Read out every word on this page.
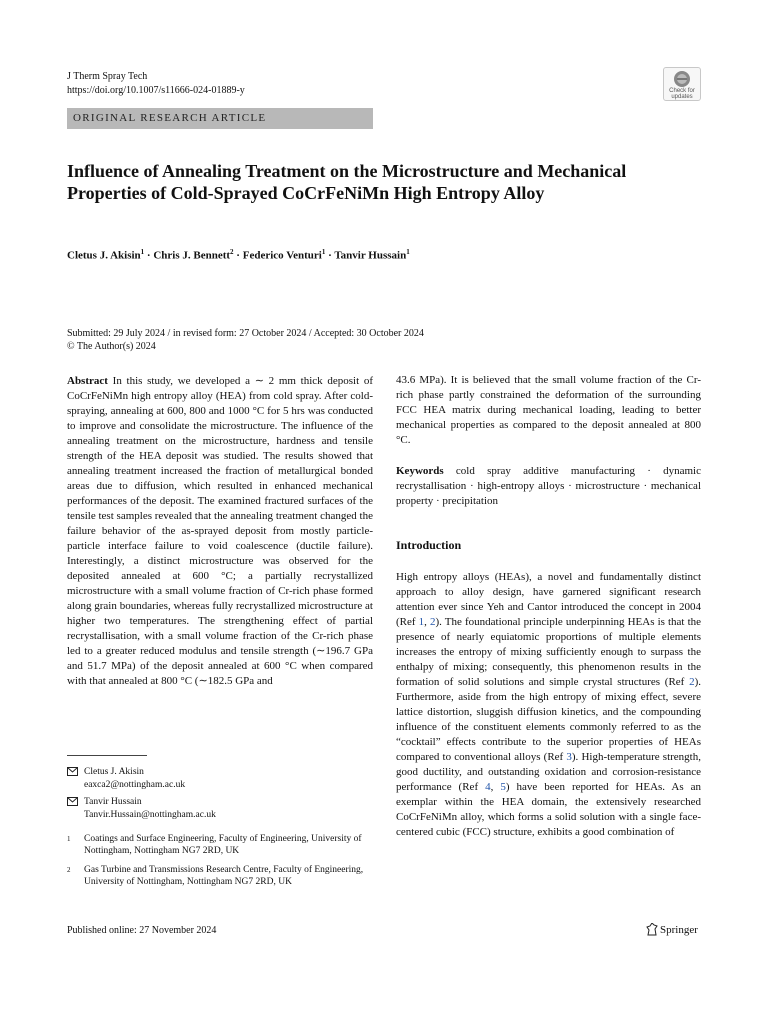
J Therm Spray Tech
https://doi.org/10.1007/s11666-024-01889-y	Check for
updates
ORIGINAL RESEARCH ARTICLE
Influence of Annealing Treatment on the Microstructure and Mechanical Properties of Cold-Sprayed CoCrFeNiMn High Entropy Alloy
Cletus J. Akisin$^1$ · Chris J. Bennett$^2$ · Federico Venturi$^1$ · Tanvir Hussain$^1$
Submitted: 29 July 2024 / in revised form: 27 October 2024 / Accepted: 30 October 2024
© The Author(s) 2024

Abstract In this study, we developed a ∼ 2 mm thick deposit of CoCrFeNiMn high entropy alloy (HEA) from cold spray. After cold-spraying, annealing at 600, 800 and 1000 °C for 5 hrs was conducted to improve and consolidate the microstructure. The influence of the annealing treatment on the microstructure, hardness and tensile strength of the HEA deposit was studied. The results showed that annealing treatment increased the fraction of metallurgical bonded areas due to diffusion, which resulted in enhanced mechanical performances of the deposit. The examined fractured surfaces of the tensile test samples revealed that the annealing treatment changed the failure behavior of the as-sprayed deposit from mostly particle-particle interface failure to void coalescence (ductile failure). Interestingly, a distinct microstructure was observed for the deposited annealed at 600 °C; a partially recrystallized microstructure with a small volume fraction of Cr-rich phase formed along grain boundaries, whereas fully recrystallized microstructure at higher two temperatures. The strengthening effect of partial recrystallisation, with a small volume fraction of the Cr-rich phase led to a greater reduced modulus and tensile strength (∼196.7 GPa and 51.7 MPa) of the deposit annealed at 600 °C when compared with that annealed at 800 °C (∼182.5 GPa and

43.6 MPa). It is believed that the small volume fraction of the Cr-rich phase partly constrained the deformation of the surrounding FCC HEA matrix during mechanical loading, leading to better mechanical properties as compared to the deposit annealed at 800 °C.

Keywords cold spray additive manufacturing · dynamic recrystallisation · high-entropy alloys · microstructure · mechanical property · precipitation

Introduction

High entropy alloys (HEAs), a novel and fundamentally distinct approach to alloy design, have garnered significant research attention ever since Yeh and Cantor introduced the concept in 2004 (Ref 1, 2). The foundational principle underpinning HEAs is that the presence of nearly equiatomic proportions of multiple elements increases the entropy of mixing sufficiently enough to surpass the enthalpy of mixing; consequently, this phenomenon results in the formation of solid solutions and simple crystal structures (Ref 2). Furthermore, aside from the high entropy of mixing effect, severe lattice distortion, sluggish diffusion kinetics, and the compounding influence of the constituent elements commonly referred to as the “cocktail” effects contribute to the superior properties of HEAs compared to conventional alloys (Ref 3). High-temperature strength, good ductility, and outstanding oxidation and corrosion-resistance performance (Ref 4, 5) have been reported for HEAs. As an exemplar within the HEA domain, the extensively researched CoCrFeNiMn alloy, which forms a solid solution with a single face-centered cubic (FCC) structure, exhibits a good combination of

Cletus J. Akisin
eaxca2@nottingham.ac.uk
Tanvir Hussain
Tanvir.Hussain@nottingham.ac.uk
1 Coatings and Surface Engineering, Faculty of Engineering, University of Nottingham, Nottingham NG7 2RD, UK
2 Gas Turbine and Transmissions Research Centre, Faculty of Engineering, University of Nottingham, Nottingham NG7 2RD, UK
Published online: 27 November 2024	Springer
